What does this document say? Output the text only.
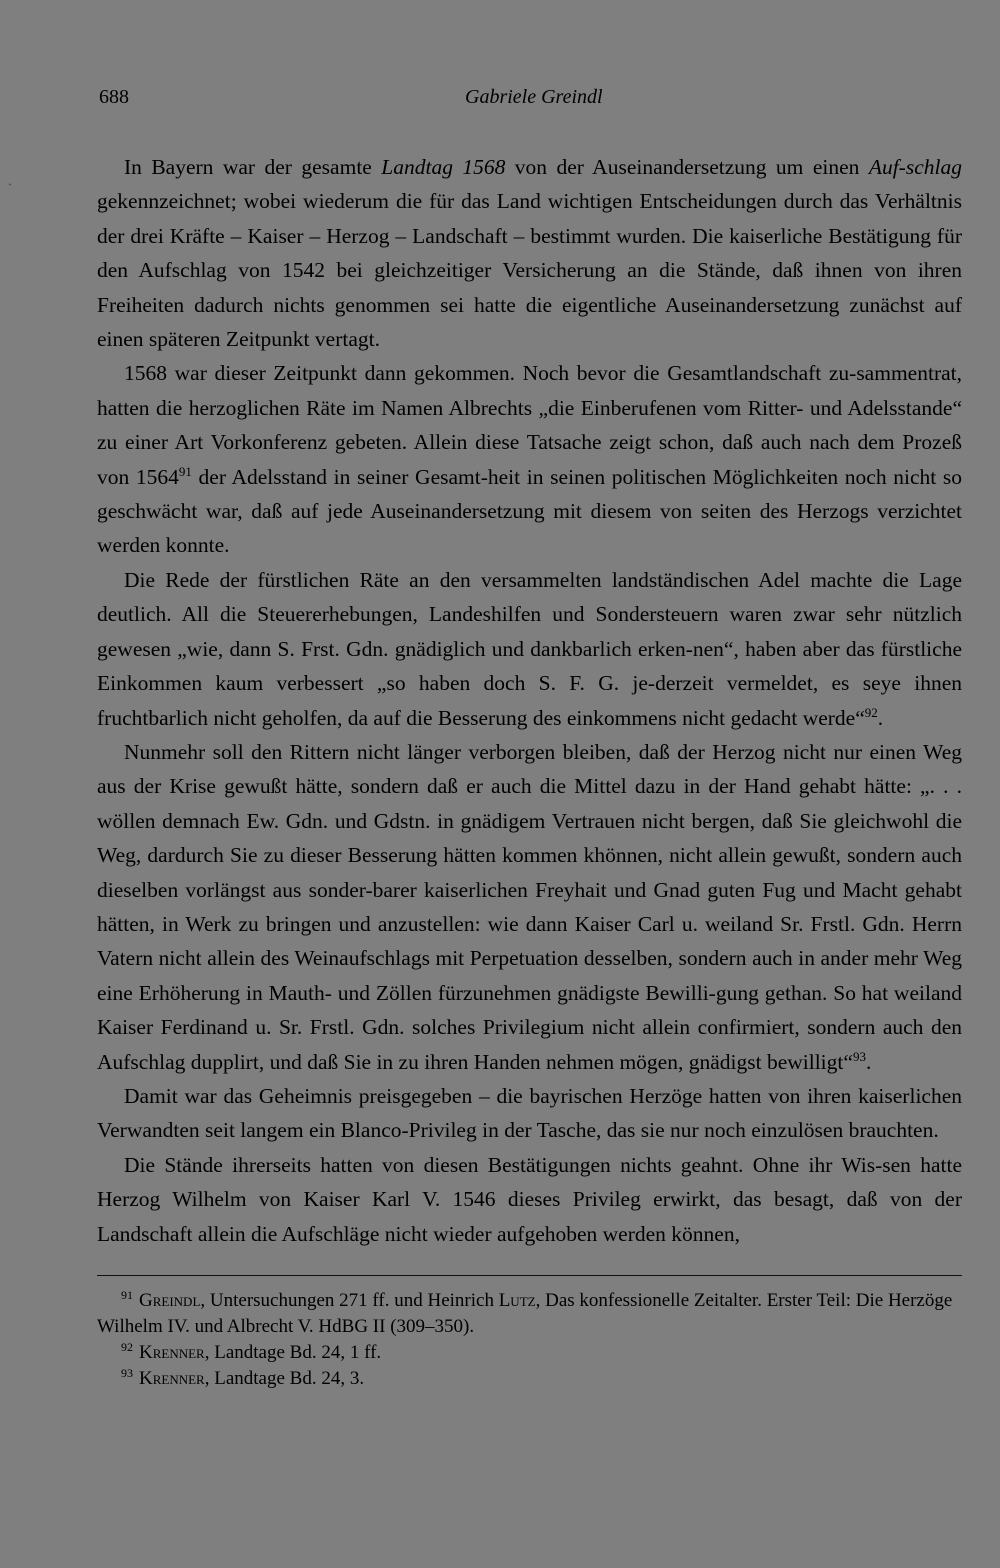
ˎ
688	Gabriele Greindl

In Bayern war der gesamte Landtag 1568 von der Auseinandersetzung um einen Auf-schlag gekennzeichnet; wobei wiederum die für das Land wichtigen Entscheidungen durch das Verhältnis der drei Kräfte – Kaiser – Herzog – Landschaft – bestimmt wurden. Die kaiserliche Bestätigung für den Aufschlag von 1542 bei gleichzeitiger Versicherung an die Stände, daß ihnen von ihren Freiheiten dadurch nichts genommen sei hatte die eigentliche Auseinandersetzung zunächst auf einen späteren Zeitpunkt vertagt.

1568 war dieser Zeitpunkt dann gekommen. Noch bevor die Gesamtlandschaft zu-sammentrat, hatten die herzoglichen Räte im Namen Albrechts „die Einberufenen vom Ritter- und Adelsstande“ zu einer Art Vorkonferenz gebeten. Allein diese Tatsache zeigt schon, daß auch nach dem Prozeß von 1564$^{91}$ der Adelsstand in seiner Gesamt-heit in seinen politischen Möglichkeiten noch nicht so geschwächt war, daß auf jede Auseinandersetzung mit diesem von seiten des Herzogs verzichtet werden konnte.

Die Rede der fürstlichen Räte an den versammelten landständischen Adel machte die Lage deutlich. All die Steuererhebungen, Landeshilfen und Sondersteuern waren zwar sehr nützlich gewesen „wie, dann S. Frst. Gdn. gnädiglich und dankbarlich erken-nen“, haben aber das fürstliche Einkommen kaum verbessert „so haben doch S. F. G. je-derzeit vermeldet, es seye ihnen fruchtbarlich nicht geholfen, da auf die Besserung des einkommens nicht gedacht werde“$^{92}$.

Nunmehr soll den Rittern nicht länger verborgen bleiben, daß der Herzog nicht nur einen Weg aus der Krise gewußt hätte, sondern daß er auch die Mittel dazu in der Hand gehabt hätte: „. . . wöllen demnach Ew. Gdn. und Gdstn. in gnädigem Vertrauen nicht bergen, daß Sie gleichwohl die Weg, dardurch Sie zu dieser Besserung hätten kommen khönnen, nicht allein gewußt, sondern auch dieselben vorlängst aus sonder-barer kaiserlichen Freyhait und Gnad guten Fug und Macht gehabt hätten, in Werk zu bringen und anzustellen: wie dann Kaiser Carl u. weiland Sr. Frstl. Gdn. Herrn Vatern nicht allein des Weinaufschlags mit Perpetuation desselben, sondern auch in ander mehr Weg eine Erhöherung in Mauth- und Zöllen fürzunehmen gnädigste Bewilli-gung gethan. So hat weiland Kaiser Ferdinand u. Sr. Frstl. Gdn. solches Privilegium nicht allein confirmiert, sondern auch den Aufschlag dupplirt, und daß Sie in zu ihren Handen nehmen mögen, gnädigst bewilligt“$^{93}$.

Damit war das Geheimnis preisgegeben – die bayrischen Herzöge hatten von ihren kaiserlichen Verwandten seit langem ein Blanco-Privileg in der Tasche, das sie nur noch einzulösen brauchten.

Die Stände ihrerseits hatten von diesen Bestätigungen nichts geahnt. Ohne ihr Wis-sen hatte Herzog Wilhelm von Kaiser Karl V. 1546 dieses Privileg erwirkt, das besagt, daß von der Landschaft allein die Aufschläge nicht wieder aufgehoben werden können,

$^{91}$ Greindl, Untersuchungen 271 ff. und Heinrich Lutz, Das konfessionelle Zeitalter. Erster Teil: Die Herzöge Wilhelm IV. und Albrecht V. HdBG II (309–350).

$^{92}$ Krenner, Landtage Bd. 24, 1 ff.

$^{93}$ Krenner, Landtage Bd. 24, 3.
